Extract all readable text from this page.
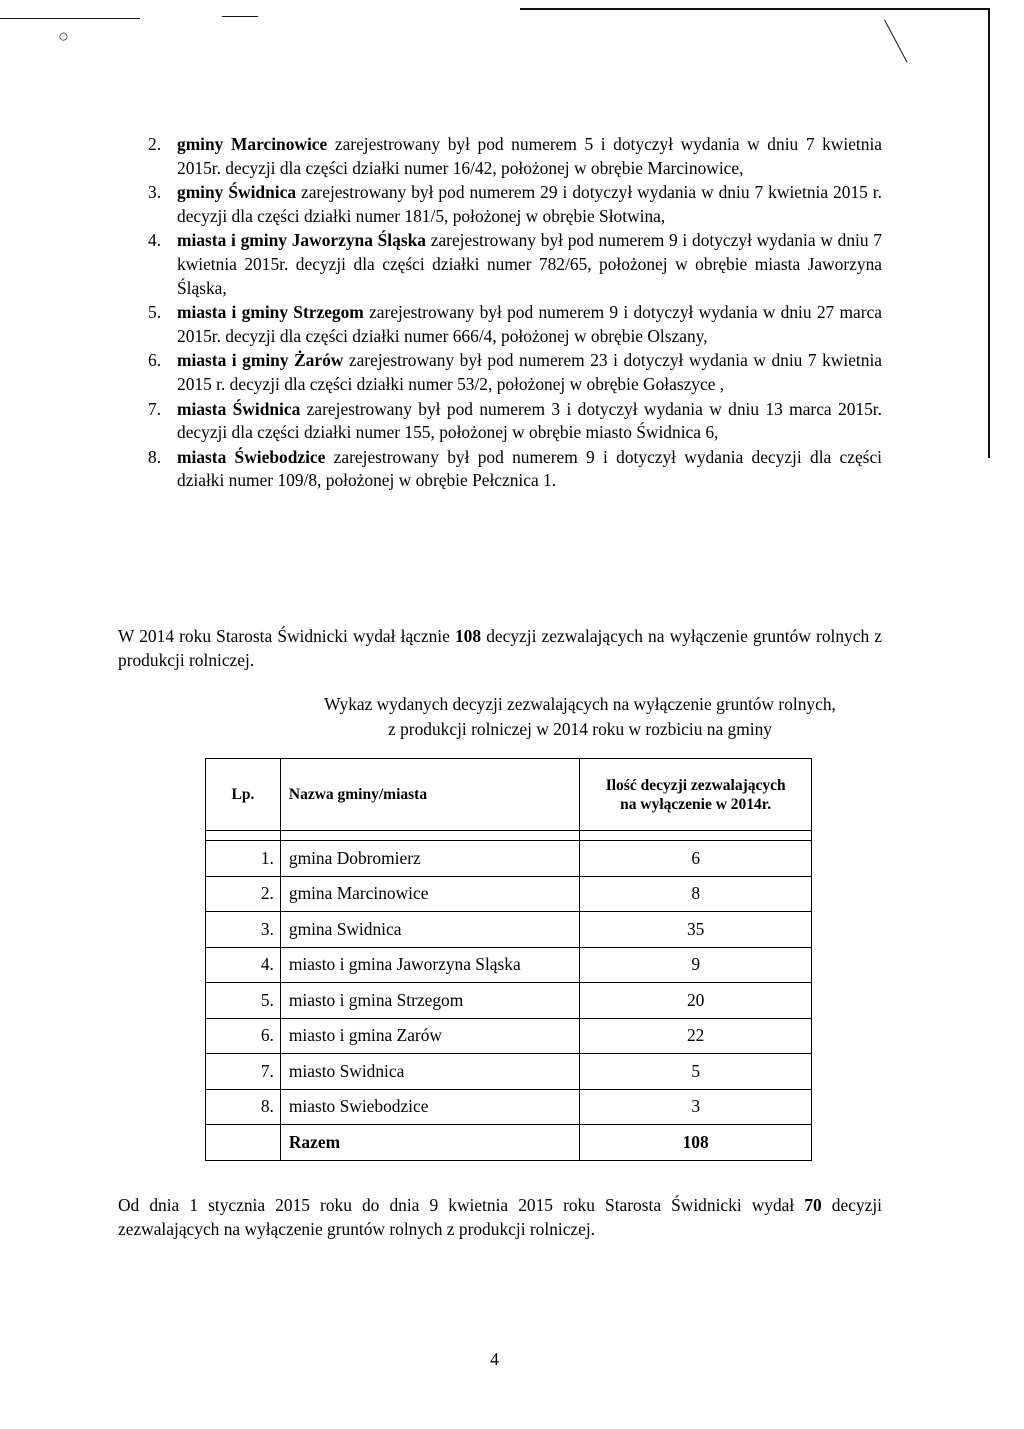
○
2. gminy Marcinowice zarejestrowany był pod numerem 5 i dotyczył wydania w dniu 7 kwietnia 2015r. decyzji dla części działki numer 16/42, położonej w obrębie Marcinowice,
3. gminy Świdnica zarejestrowany był pod numerem 29 i dotyczył wydania w dniu 7 kwietnia 2015 r. decyzji dla części działki numer 181/5, położonej w obrębie Słotwina,
4. miasta i gminy Jaworzyna Śląska zarejestrowany był pod numerem 9 i dotyczył wydania w dniu 7 kwietnia 2015r. decyzji dla części działki numer 782/65, położonej w obrębie miasta Jaworzyna Śląska,
5. miasta i gminy Strzegom zarejestrowany był pod numerem 9 i dotyczył wydania w dniu 27 marca 2015r. decyzji dla części działki numer 666/4, położonej w obrębie Olszany,
6. miasta i gminy Żarów zarejestrowany był pod numerem 23 i dotyczył wydania w dniu 7 kwietnia 2015 r. decyzji dla części działki numer 53/2, położonej w obrębie Gołaszyce ,
7. miasta Świdnica zarejestrowany był pod numerem 3 i dotyczył wydania w dniu 13 marca 2015r. decyzji dla części działki numer 155, położonej w obrębie miasto Świdnica 6,
8. miasta Świebodzice zarejestrowany był pod numerem 9 i dotyczył wydania decyzji dla części działki numer 109/8, położonej w obrębie Pełcznica 1.

W 2014 roku Starosta Świdnicki wydał łącznie 108 decyzji zezwalających na wyłączenie gruntów rolnych z produkcji rolniczej.

Wykaz wydanych decyzji zezwalających na wyłączenie gruntów rolnych,
z produkcji rolniczej w 2014 roku w rozbiciu na gminy
Lp.	Nazwa gminy/miasta	Ilość decyzji zezwalających
na wyłączenie w 2014r.

1.	gmina Dobromierz	6
2.	gmina Marcinowice	8
3.	gmina Swidnica	35
4.	miasto i gmina Jaworzyna Sląska	9
5.	miasto i gmina Strzegom	20
6.	miasto i gmina Zarów	22
7.	miasto Swidnica	5
8.	miasto Swiebodzice	3
	Razem	108

Od dnia 1 stycznia 2015 roku do dnia 9 kwietnia 2015 roku Starosta Świdnicki wydał 70 decyzji zezwalających na wyłączenie gruntów rolnych z produkcji rolniczej.

4
